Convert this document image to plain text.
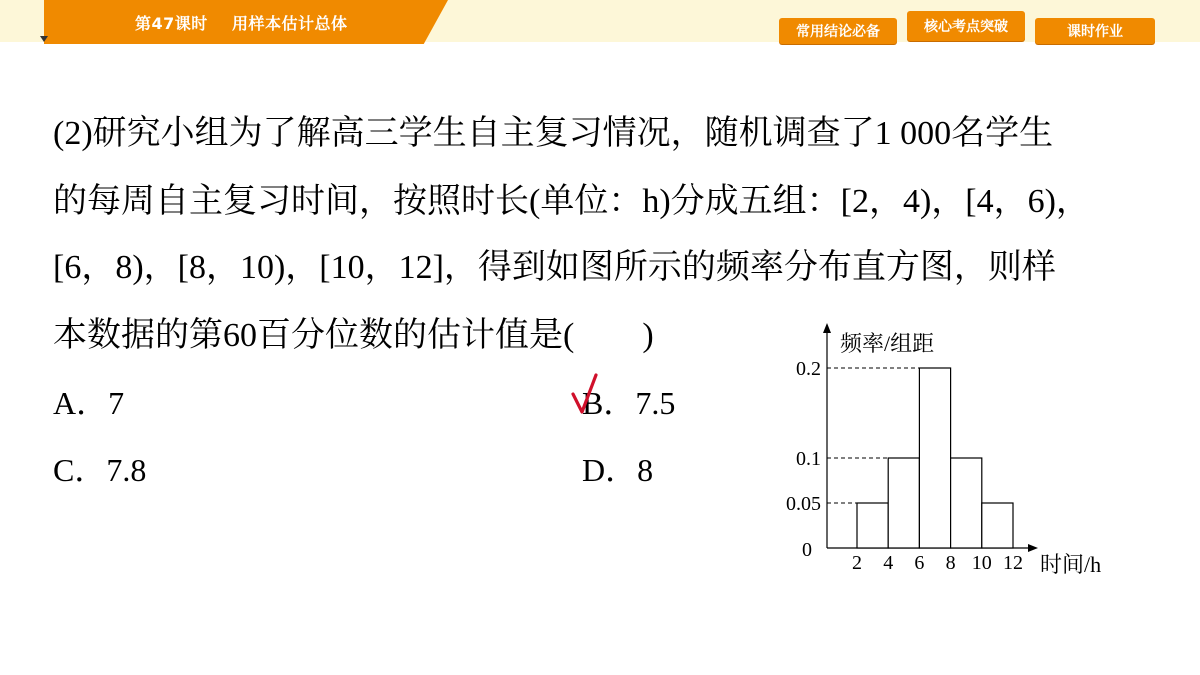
第47课时    用样本估计总体	常用结论必备	核心考点突破	课时作业
(2)研究小组为了解高三学生自主复习情况，随机调查了1 000名学生
的每周自主复习时间，按照时长(单位：h)分成五组：[2，4)，[4，6)，
[6，8)，[8，10)，[10，12]，得到如图所示的频率分布直方图，则样
本数据的第60百分位数的估计值是(        )
A．7	B．7.5
C．7.8	D．8
频率/组距
时间/h
0
0.2
0.1
0.05
2 4 6 8 10 12
